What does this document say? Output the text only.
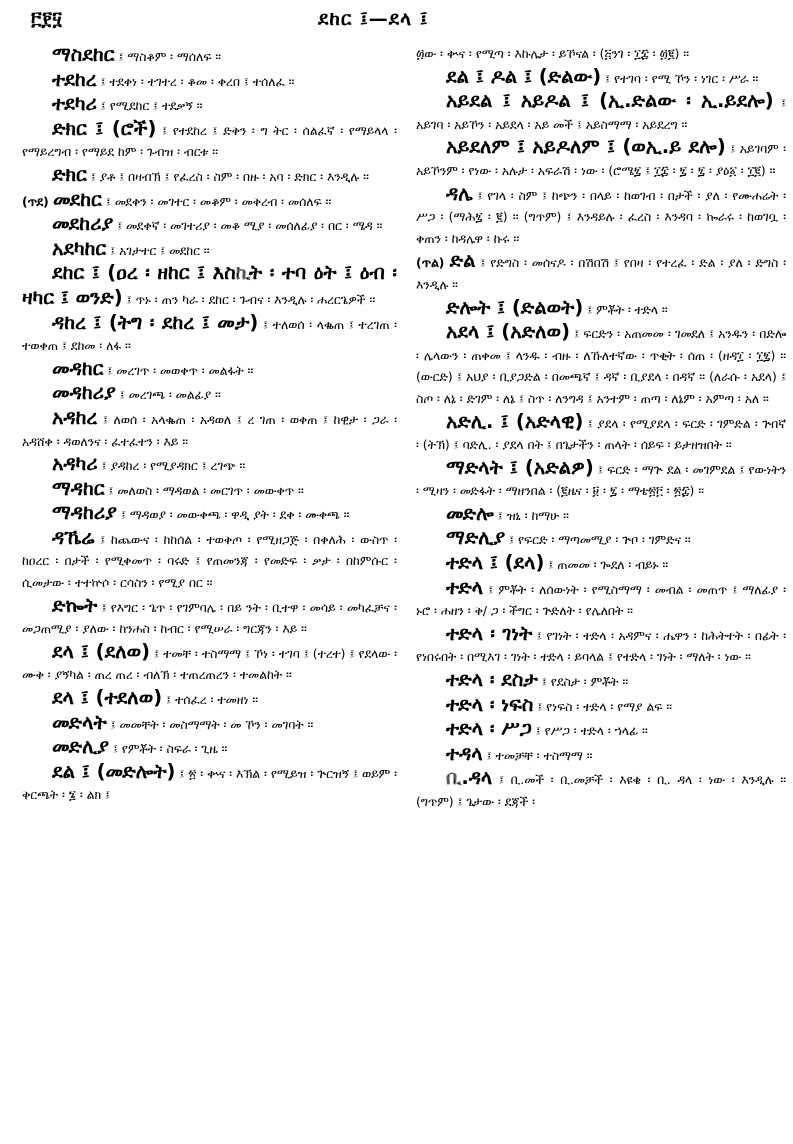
፫፻፶	ደከር ፤—ደላ ፤

ማስደከር ፤ ማስቆም ፡ ማሰለፍ ።

ተደከረ ፤ ተደቀነ ፡ ተገተረ ፡ ቆመ ፡ ቀረበ ፤ ተሰለፈ ።

ተደካሪ ፤ የሚደከር ፤ ተደቃኝ ።

ድክር ፤ (ሮች) ፤ የተደከረ ፤ ድቅን ፡ ግ ትር ፡ ሰልፈኛ ፡ የማይላላ ፡ የማይረግብ ፡ የማይደ ከም ፡ ጉብዝ ፡ ብርቱ ።

ድክር ፤ ያቶ ፤ በዛብኽ ፤ የፈረስ ፡ ስም ፡ በዙ ፡ አባ ፡ ድክር ፡ እንዲሉ ።

(ጥደ) መደከር ፤ መደቀን ፡ መገተር ፡ መቆም ፡ መቅረብ ፡ መሰለፍ ።

መደከሪያ ፤ መደቀኛ ፡ መገተሪያ ፡ መቆ ሚያ ፡ መሰለፊያ ፡ በር ፡ ሜዳ ።

አደካከር ፤ አገታተር ፤ መደከር ።

ደከር ፤ (ዐረ ፡ ዘከር ፤ እስኪት ፡ ተባ ዕት ፤ ዕብ ፡ ዛካር ፤ ወንድ) ፤ ጥኑ ፡ ጠን ካራ ፡ ደከር ፡ ጉብና ፡ እንዲሉ ፡ ሐረርጌዎች ።

ዳከረ ፤ (ትግ ፡ ደከረ ፤ መታ) ፤ ተለወሰ ፡ ላቈጠ ፤ ተረገጠ ፡ ተወቀጠ ፤ ደከመ ፡ ለፋ ።

መዳከር ፤ መረገጥ ፡ መወቀጥ ፡ መልፋት ።

መዳከሪያ ፤ መረገጫ ፡ መልፊያ ።

አዳከረ ፤ ለወሰ ፡ አላቈጠ ፡ አዳወለ ፤ ረ ገጠ ፡ ወቀጠ ፤ ከዊታ ፡ ጋራ ፡ አዳሸቀ ፡ ዳወለንና ፡ ፈተፈተን ፡ እይ ።

አዳካሪ ፤ ያዳከረ ፡ የሚያዳክር ፤ ረገጭ ።

ማዳከር ፤ መለወስ ፡ ማዳወል ፡ መርገጥ ፡ መውቀጥ ።

ማዳከሪያ ፤ ማዳወያ ፡ መውቀጫ ፡ ዋዲ ያት ፡ ደቀ ፡ ሙቀጫ ።

ዳኼሬ ፤ ከጨውና ፡ ከከሰል ፡ ተወቅጦ ፡ የሚዘጋጅ ፡ በቀለሕ ፡ ውስጥ ፡ ከዐረር ፡ በታች ፡ የሚቀመጥ ፡ ባሩድ ፤ የጠመንጃ ፡ የመድፍ ፡ ቃታ ፡ በከምሱር ፡ ሲመታው ፡ ተተኵሶ ፡ ርሳስን ፡ የሚያ በር ።

ድኰት ፤ የእግር ፡ ጌጥ ፡ የገምባሌ ፡ በይ ንት ፡ ቢተዋ ፡ መሳይ ፡ መካፈቻና ፡ መጋጠሚያ ፡ ያለው ፡ ከንሐስ ፡ ከብር ፡ የሚሠራ ፡ ግርጃን ፡ እይ ።

ደላ ፤ (ደለወ) ፤ ተመቸ ፡ ተስማማ ፤ ኾነ ፡ ተገባ ፤ (ተረተ) ፤ የደላው ፡ ሙቅ ፡ ያኝካል ፡ ጠረ ጠረ ፡ ብለኽ ፡ ተጠረጠረን ፡ ተመልከት ።

ደላ ፤ (ተደለወ) ፤ ተሰፈረ ፡ ተመዘነ ።

መድላት ፤ መመቸት ፡ መስማማት ፡ መ ኾን ፡ መገባት ።

መድሊያ ፤ የምቾት ፡ ስፍራ ፡ ጊዜ ።

ደል ፤ (መድሎት) ፤ ፳ ፡ ቍና ፡ እኽል ፡ የሚይዝ ፡ ጕርዝኝ ፤ ወይም ፡ ቅርጫት ፡ ፮ ፡ ልክ ፤

፴ው ፡ ቍና ፡ የሚጣ ፡ እኩሌታ ፡ ይኾናል ፡ (፭ንገ ፡ ፲፰ ፡ ፴፪) ።

ደል ፤ ዶል ፤ (ድልው) ፤ የተገባ ፡ የሚ ኾን ፡ ነገር ፡ ሥራ ።

አይደል ፤ አይዶል ፤ (ኢ.ድልው ፡ ኢ.ይደሎ) ፤ አይገባ ፡ አይኾን ፡ አይደላ ፡ አይ መች ፤ አይስማማ ፡ አይደረግ ።

አይደለም ፤ አይዶለም ፤ (ወኢ.ይ ደሎ) ፤ አይገባም ፡ አይኾንም ፡ የነው ፡ አሉታ ፡ አፍራሽ ፡ ነው ፡ (ሮሜ፯ ፤ ፲፰ ፡ ፯ ፡ ፯ ፡ ያዕ፩ ፡ ፲፪) ።

ዳሌ ፤ የገላ ፡ ስም ፤ ከጭን ፡ በላይ ፡ ከወገብ ፡ በታች ፡ ያለ ፡ የሙሐሬት ፡ ሥጋ ፡ (ማሕ፯ ፡ ፪) ። (ግጥም) ፤ እንዳይሉ ፡ ፈረስ ፡ እንዳባ ፡ ኰራሩ ፡ ከወገቧ ፡ ቀጠን ፡ ከዳሌዋ ፡ ኩሩ ።

(ጥል) ድል ፤ የድግስ ፡ መሰናዶ ፡ በሽበሽ ፤ የበዛ ፡ የተረፈ ፡ ድል ፡ ያለ ፡ ድግስ ፡ እንዲሉ ።

ድሎት ፤ (ድልወት) ፤ ምቾት ፡ ተድላ ።

አደላ ፤ (አድለወ) ፤ ፍርድን ፡ አጠመመ ፡ ገመደለ ፤ አንዱን ፡ በድሎ ፡ ሌላውን ፡ ጠቀመ ፤ ላንዱ ፡ ብዙ ፡ ለኹለተኛው ፡ ጥቂት ፡ ሰጠ ፡ (ዘዳ፲ ፡ ፲፯) ። (ውርድ) ፤ አህያ ፡ ቢያጋድል ፡ በመጫኛ ፤ ዳኛ ፡ ቢያደላ ፡ በዳኛ ። (ለራሱ ፡ አደላ) ፤ ስጦ ፡ ለኔ ፡ ድገም ፡ ለኔ ፤ ስጥ ፡ ለንግዳ ፤ አንተም ፡ ጠጣ ፡ ለኔም ፡ አምጣ ፡ አለ ።

አድሊ. ፤ (አድላዊ) ፤ ያደላ ፡ የሚያደላ ፡ ፍርድ ፡ ገምድል ፡ ጕበኛ ፡ (ትኽ) ፤ ባድሊ. ፡ ያደላ በት ፤ በጌታችን ፡ ጠላት ፡ ሰይፍ ፡ ይታዘዝበት ።

ማድላት ፤ (አድልዎ) ፤ ፍርድ ፡ ማጕ ደል ፡ መገምደል ፤ የውነትን ፡ ሚዛን ፡ መድፋት ፡ ማዘንበል ፡ (፪ዜና ፡ ፱ ፡ ፯ ፡ ማቴ፳፫ ፡ ፳፰) ።

መድሎ ፤ ዝኒ ፡ ከማሁ ።

ማድሊያ ፤ የፍርድ ፡ ማጣመሚያ ፡ ጕቦ ፡ ገምድና ።

ተድላ ፤ (ደላ) ፤ ጠመመ ፡ ጐደለ ፡ ብይኑ ።

ተድላ ፤ ምቾት ፡ ለሰውነት ፡ የሚስማማ ፡ መብል ፡ መጠጥ ፤ ማለፊያ ፡ ኑሮ ፡ ሐዘን ፡ ቅ/ ጋ ፡ ችግር ፡ ጕድለት ፡ የሌለበት ።

ተድላ ፡ ገነት ፤ የገነት ፡ ተድላ ፡ አዳምና ፡ ሔዋን ፡ ከሕትተት ፡ በፊት ፡ የነበሩበት ፡ በሚእገ ፡ ገነት ፡ ተድላ ፡ ይባላል ፤ የተድላ ፡ ገነት ፡ ማለት ፡ ነው ።

ተድላ ፡ ደስታ ፤ የደስታ ፡ ምቾት ።

ተድላ ፡ ነፍስ ፤ የነፍስ ፡ ተድላ ፡ የማያ ልፍ ።

ተድላ ፡ ሥጋ ፤ የሥጋ ፡ ተድላ ፡ ኀላፊ ።

ተዳላ ፤ ተመቻቸ ፡ ተስማማ ።

ቢ.ዳላ ፤ ቢ.መች ፡ ቢ.መቻች ፡ እዩቄ ፡ ቢ. ዳላ ፡ ነው ፡ እንዲሉ ። (ግጥም) ፤ ጌታው ፡ ደጃች ፡
